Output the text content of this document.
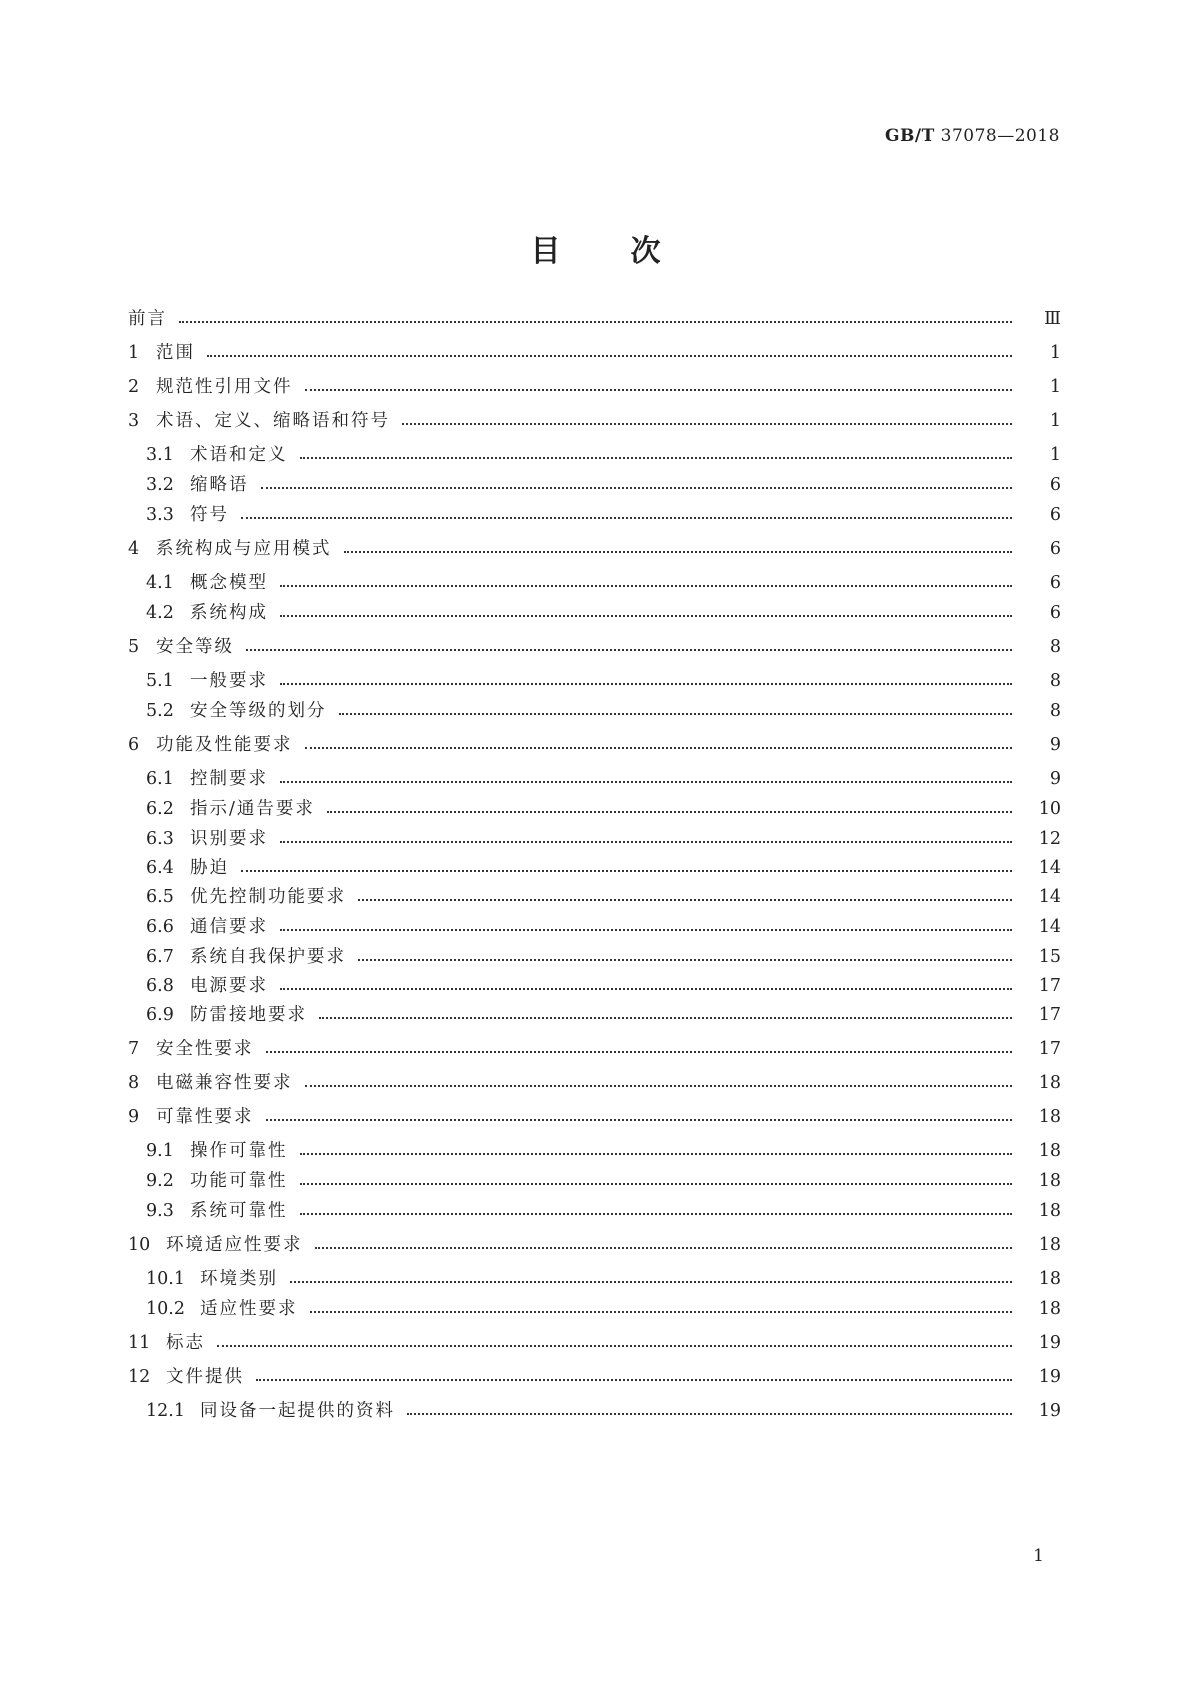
GB/T 37078—2018
目 次
前言	Ⅲ
1 范围	1
2 规范性引用文件	1
3 术语、定义、缩略语和符号	1
3.1 术语和定义	1
3.2 缩略语	6
3.3 符号	6
4 系统构成与应用模式	6
4.1 概念模型	6
4.2 系统构成	6
5 安全等级	8
5.1 一般要求	8
5.2 安全等级的划分	8
6 功能及性能要求	9
6.1 控制要求	9
6.2 指示/通告要求	10
6.3 识别要求	12
6.4 胁迫	14
6.5 优先控制功能要求	14
6.6 通信要求	14
6.7 系统自我保护要求	15
6.8 电源要求	17
6.9 防雷接地要求	17
7 安全性要求	17
8 电磁兼容性要求	18
9 可靠性要求	18
9.1 操作可靠性	18
9.2 功能可靠性	18
9.3 系统可靠性	18
10 环境适应性要求	18
10.1 环境类别	18
10.2 适应性要求	18
11 标志	19
12 文件提供	19
12.1 同设备一起提供的资料	19
1
